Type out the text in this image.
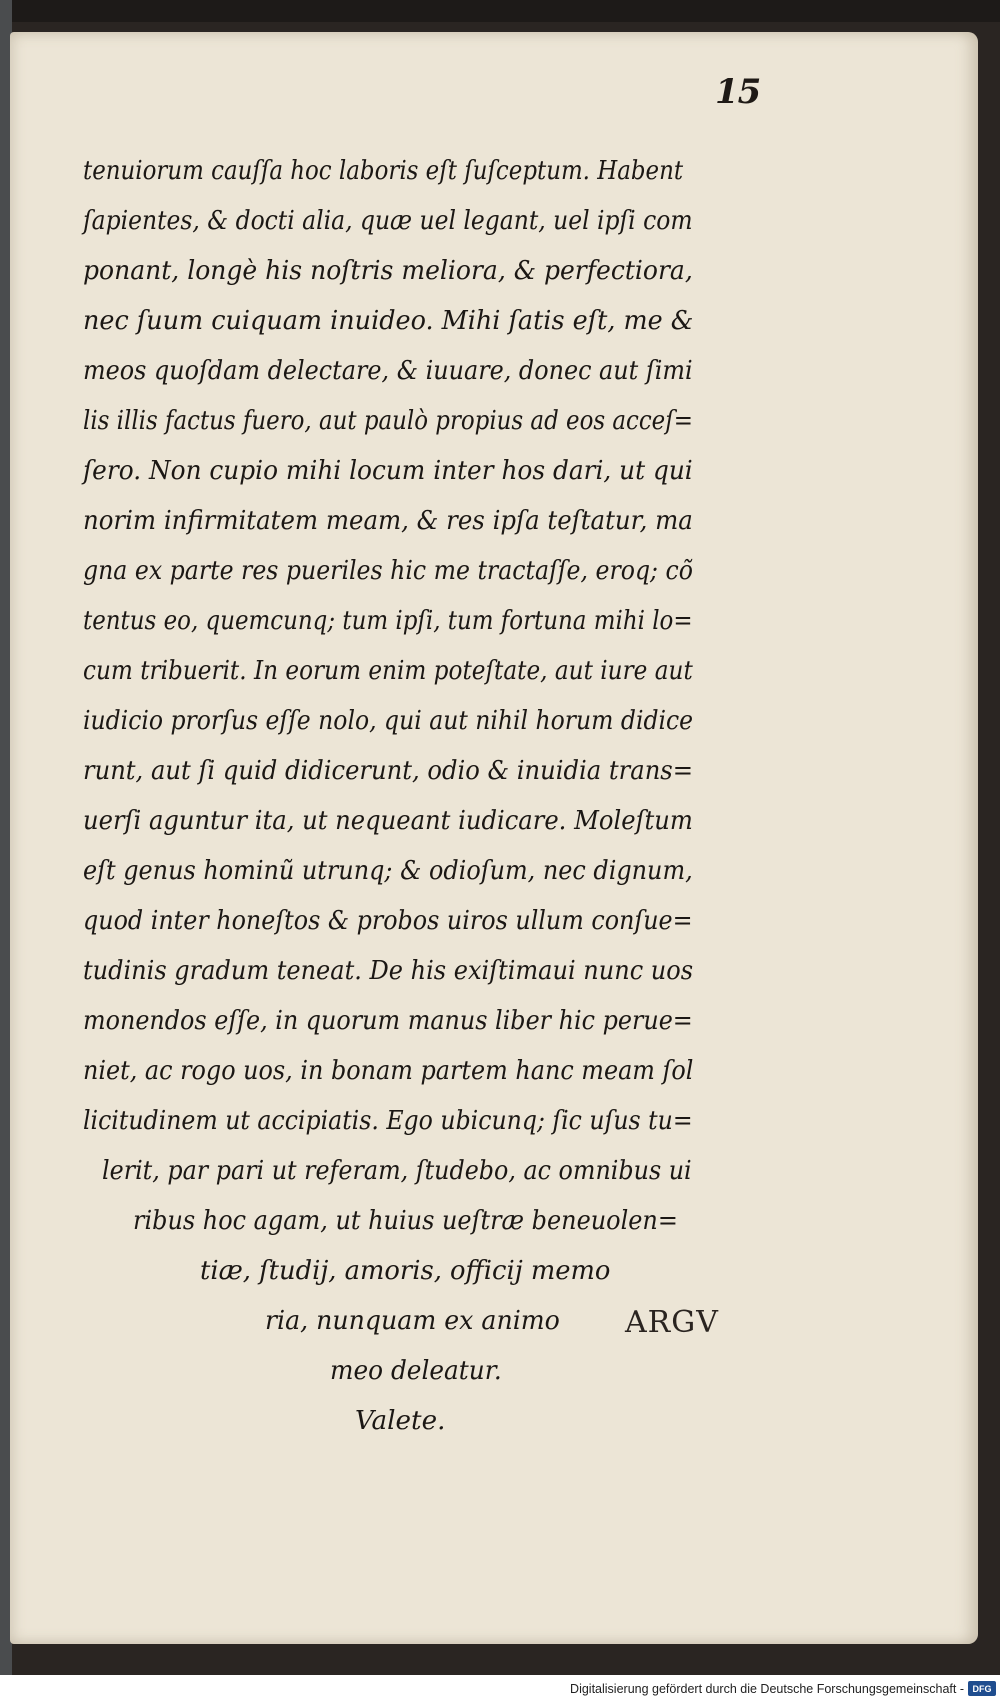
15
tenuiorum cauſſa hoc laboris eſt ſuſceptum. Habent
ſapientes, & docti alia, quæ uel legant, uel ipſi com
ponant, longè his noſtris meliora, & perfectiora,
nec ſuum cuiquam inuideo. Mihi ſatis eſt, me &
meos quoſdam delectare, & iuuare, donec aut ſimi
lis illis factus fuero, aut paulò propius ad eos acceſ=
ſero. Non cupio mihi locum inter hos dari, ut qui
norim infirmitatem meam, & res ipſa teſtatur, ma
gna ex parte res pueriles hic me tractaſſe, eroq; cõ
tentus eo, quemcunq; tum ipſi, tum fortuna mihi lo=
cum tribuerit. In eorum enim poteſtate, aut iure aut
iudicio prorſus eſſe nolo, qui aut nihil horum didice
runt, aut ſi quid didicerunt, odio & inuidia trans=
uerſi aguntur ita, ut nequeant iudicare. Moleſtum
eſt genus hominũ utrunq; & odioſum, nec dignum,
quod inter honeſtos & probos uiros ullum conſue=
tudinis gradum teneat. De his exiſtimaui nunc uos
monendos eſſe, in quorum manus liber hic perue=
niet, ac rogo uos, in bonam partem hanc meam ſol
licitudinem ut accipiatis. Ego ubicunq; ſic uſus tu=
lerit, par pari ut referam, ſtudebo, ac omnibus ui
ribus hoc agam, ut huius ueſtræ beneuolen=
tiæ, ſtudij, amoris, officij memo
ria, nunquam ex animo
meo deleatur.
Valete.
ARGV
Digitalisierung gefördert durch die Deutsche Forschungsgemeinschaft - DFG
